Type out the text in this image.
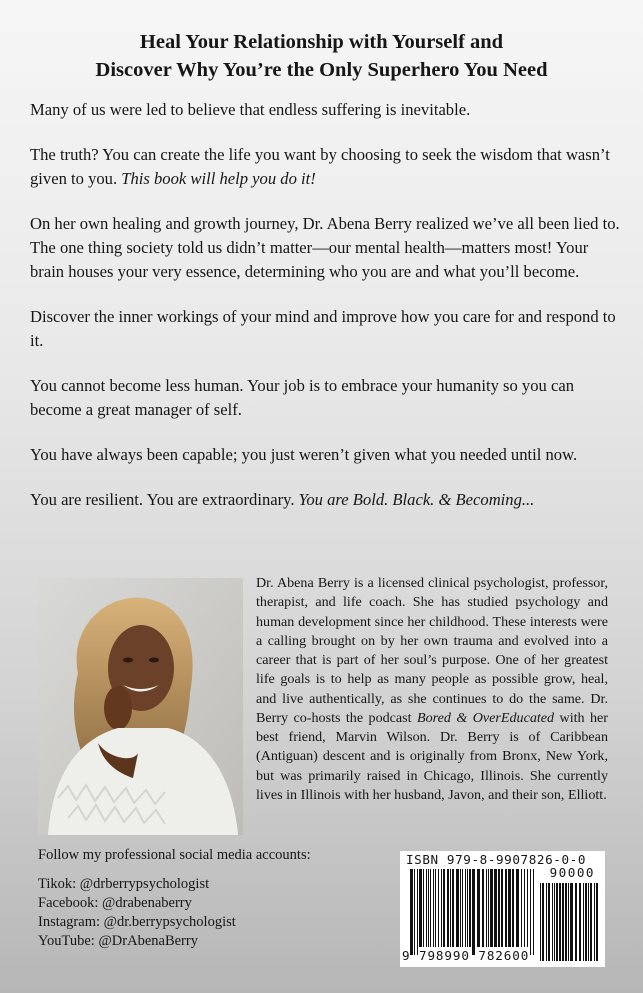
Heal Your Relationship with Yourself and
Discover Why You’re the Only Superhero You Need

Many of us were led to believe that endless suffering is inevitable.

The truth? You can create the life you want by choosing to seek the wisdom that wasn’t given to you. This book will help you do it!

On her own healing and growth journey, Dr. Abena Berry realized we’ve all been lied to. The one thing society told us didn’t matter—our mental health—matters most! Your brain houses your very essence, determining who you are and what you’ll become.

Discover the inner workings of your mind and improve how you care for and respond to it.

You cannot become less human. Your job is to embrace your humanity so you can become a great manager of self.

You have always been capable; you just weren’t given what you needed until now.

You are resilient. You are extraordinary. You are Bold. Black. & Becoming...

Dr. Abena Berry is a licensed clinical psychologist, professor, therapist, and life coach. She has studied psychology and human development since her childhood. These interests were a calling brought on by her own trauma and evolved into a career that is part of her soul’s purpose. One of her greatest life goals is to help as many people as possible grow, heal, and live authentically, as she continues to do the same. Dr. Berry co-hosts the podcast Bored & OverEducated with her best friend, Marvin Wilson. Dr. Berry is of Caribbean (Antiguan) descent and is originally from Bronx, New York, but was primarily raised in Chicago, Illinois. She currently lives in Illinois with her husband, Javon, and their son, Elliott.

Follow my professional social media accounts:

Tikok: @drberrypsychologist

Facebook: @drabenaberry

Instagram: @dr.berrypsychologist

YouTube: @DrAbenaBerry

ISBN 979-8-9907826-0-0
90000
9 798990 782600
